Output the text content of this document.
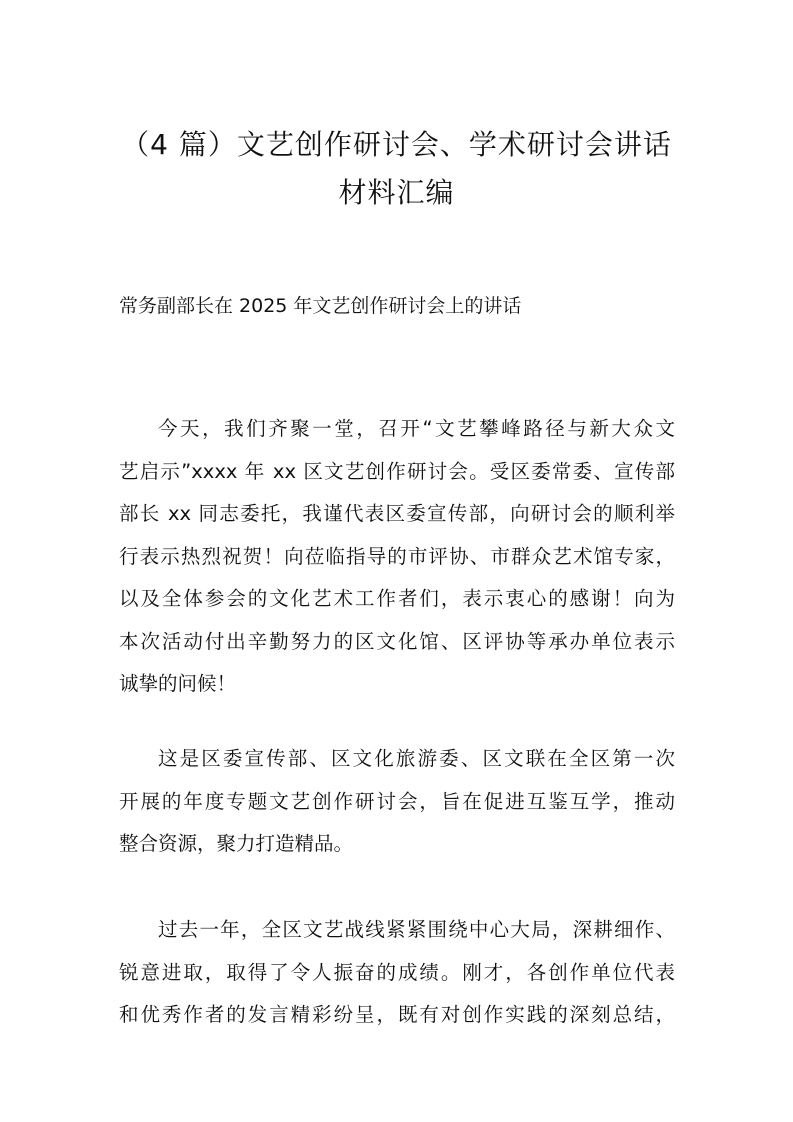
（4 篇）文艺创作研讨会、学术研讨会讲话
材料汇编

常务副部长在 2025 年文艺创作研讨会上的讲话

今天，我们齐聚一堂，召开“文艺攀峰路径与新大众文
艺启示”xxxx 年 xx 区文艺创作研讨会。受区委常委、宣传部
部长 xx 同志委托，我谨代表区委宣传部，向研讨会的顺利举
行表示热烈祝贺！向莅临指导的市评协、市群众艺术馆专家，
以及全体参会的文化艺术工作者们，表示衷心的感谢！向为
本次活动付出辛勤努力的区文化馆、区评协等承办单位表示
诚挚的问候！
这是区委宣传部、区文化旅游委、区文联在全区第一次
开展的年度专题文艺创作研讨会，旨在促进互鉴互学，推动
整合资源，聚力打造精品。
过去一年，全区文艺战线紧紧围绕中心大局，深耕细作、
锐意进取，取得了令人振奋的成绩。刚才，各创作单位代表
和优秀作者的发言精彩纷呈，既有对创作实践的深刻总结，
